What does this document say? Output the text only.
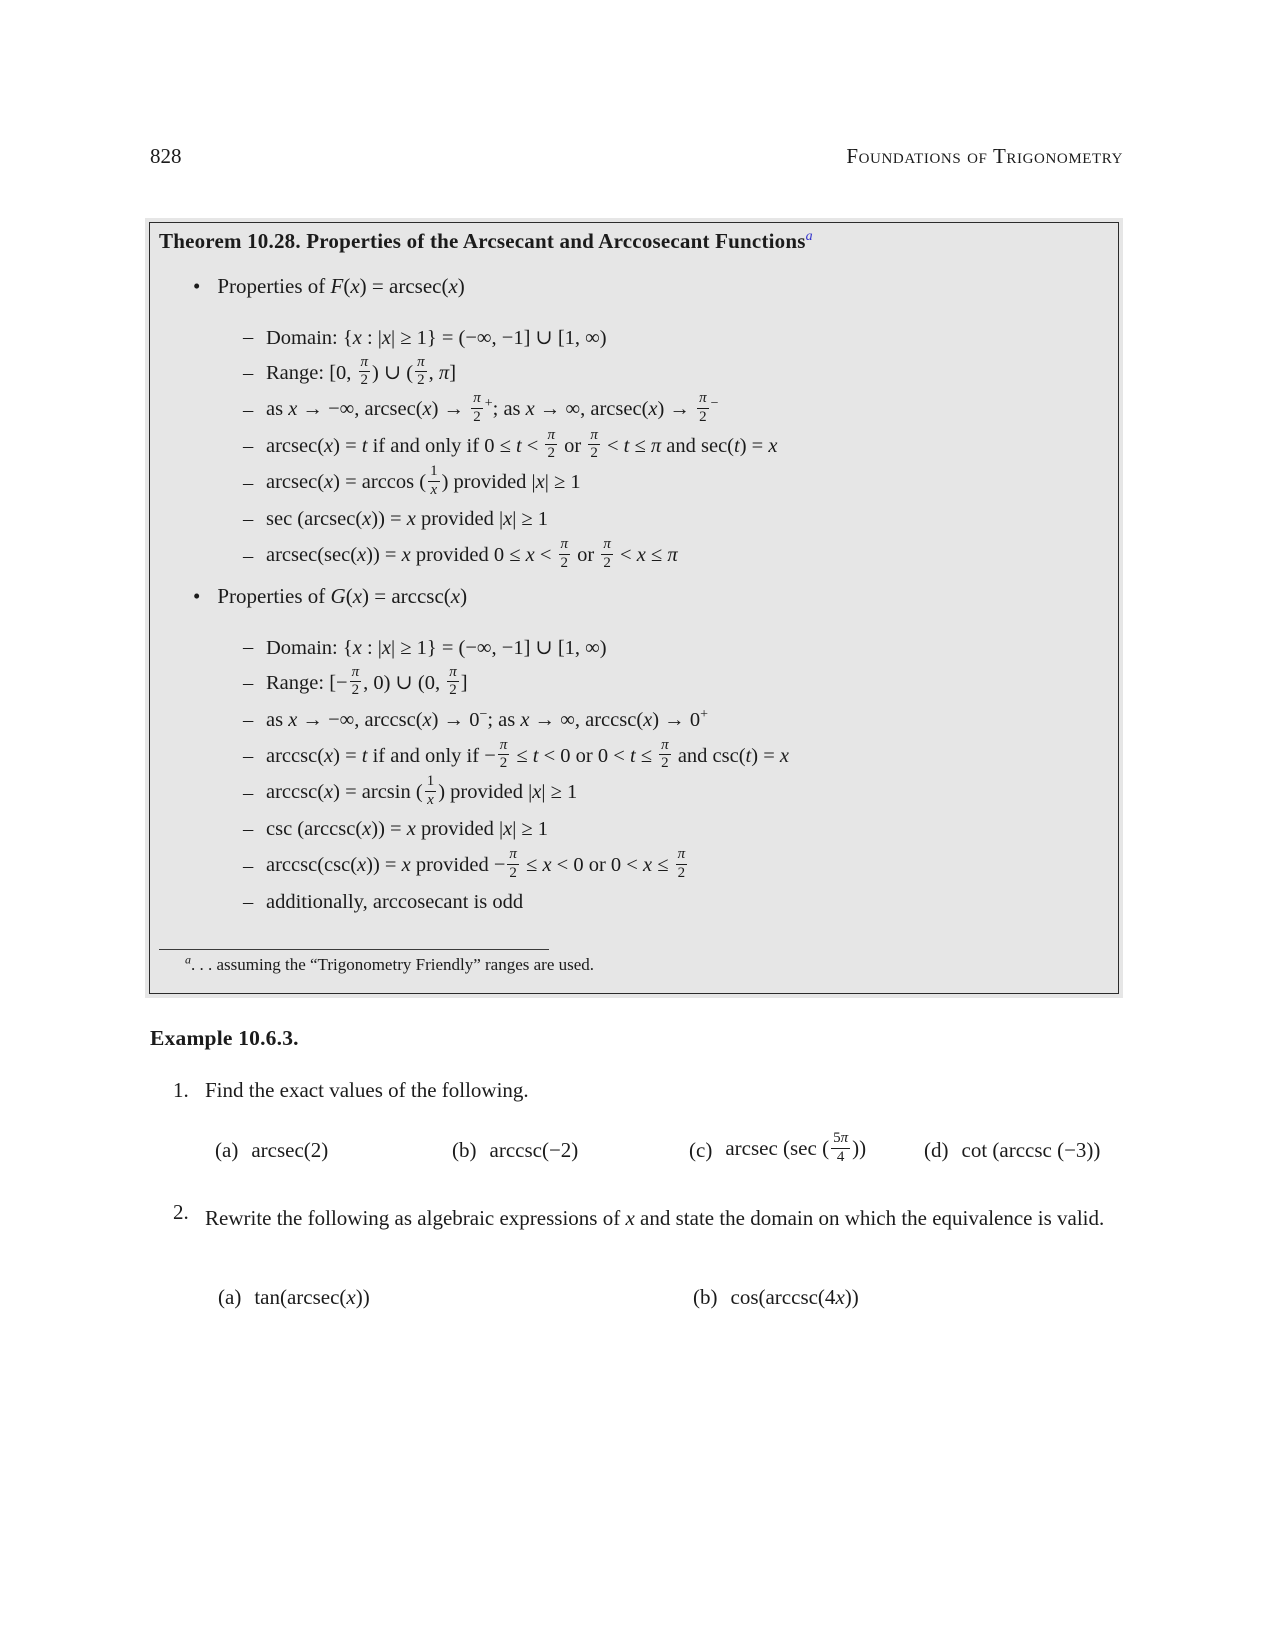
828	Foundations of Trigonometry
Theorem 10.28. Properties of the Arcsecant and Arccosecant Functions$^a$
• Properties of F(x) = arcsec(x)
– Domain: {x : |x| ≥ 1} = (−∞, −1] ∪ [1, ∞)
– Range: [0, $\frac{\pi}{2}$ ) ∪ ( $\frac{\pi}{2}$ , π]
– as x → −∞, $arcsec(x) \to \frac{\pi}{2} ^+$; as x → ∞, $arcsec(x) \to \frac{\pi}{2} ^-$
– arcsec(x) = t if and only if $0 \le t < \frac{\pi}{2}$ or $\frac{\pi}{2} < t \le \pi$ and sec(t) = x
– arcsec(x) = arccos ( $\frac{1}{x}$ ) provided |x| ≥ 1
– sec (arcsec(x)) = x provided |x| ≥ 1
– arcsec(sec(x)) = x provided $0 \le x < \frac{\pi}{2}$ or $\frac{\pi}{2} < x \le \pi$
• Properties of G(x) = arccsc(x)
– Domain: {x : |x| ≥ 1} = (−∞, −1] ∪ [1, ∞)
– Range: [− $\frac{\pi}{2}$ , 0) ∪ (0, $\frac{\pi}{2}$ ]
– as x → −∞, arccsc(x) → 0−; as x → ∞, arccsc(x) → 0+
– arccsc(x) = t if and only if − $\frac{\pi}{2} \le t < 0$ or $0 < t \le \frac{\pi}{2}$ and csc(t) = x
– arccsc(x) = arcsin ( $\frac{1}{x}$ ) provided |x| ≥ 1
– csc (arccsc(x)) = x provided |x| ≥ 1
– arccsc(csc(x)) = x provided − $\frac{\pi}{2} \le x < 0$ or $0 < x \le \frac{\pi}{2}$
– additionally, arccosecant is odd
$^a$. . . assuming the “Trigonometry Friendly” ranges are used.
Example 10.6.3.
1. Find the exact values of the following.
(a) arcsec(2)	(b) arccsc(−2)	(c) arcsec (sec ( $\frac{5\pi}{4}$ ))	(d) cot (arccsc (−3))
2. Rewrite the following as algebraic expressions of x and state the domain on which the equivalence is valid.
(a) tan(arcsec(x))	(b) cos(arccsc(4x))
